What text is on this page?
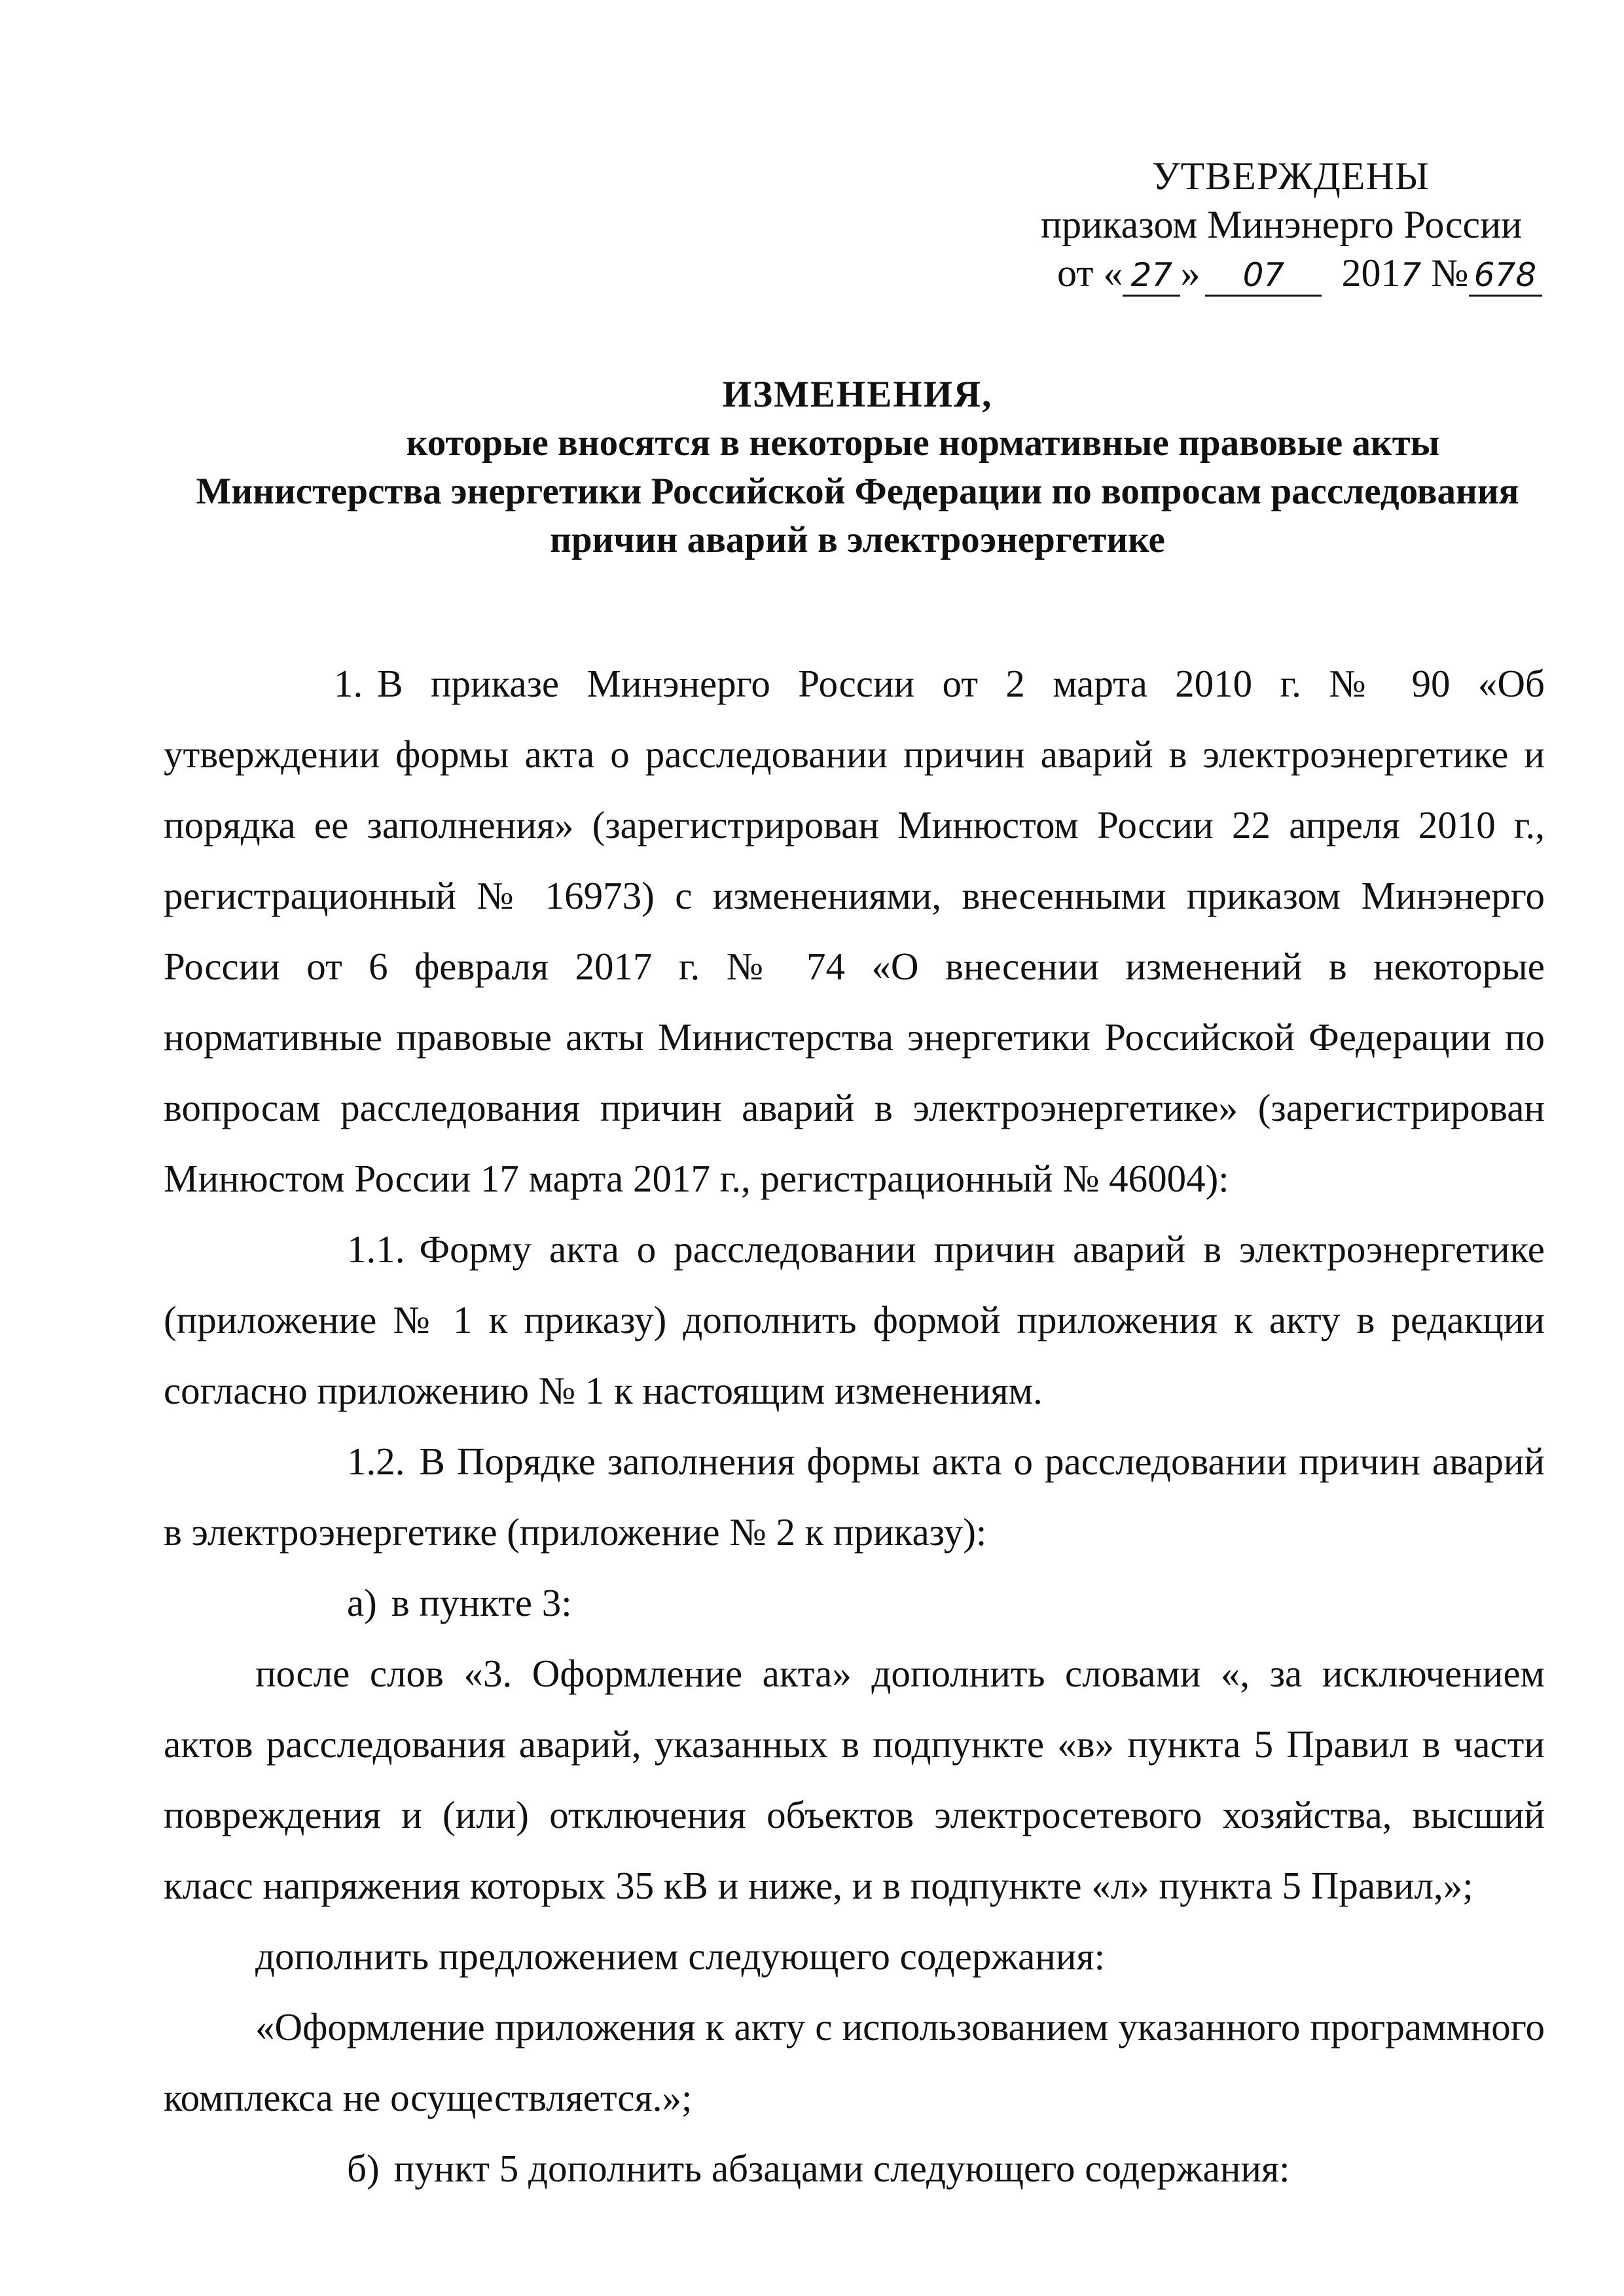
УТВЕРЖДЕНЫ
приказом Минэнерго России
от « 27 » 07 2017 № 678
ИЗМЕНЕНИЯ,
которые вносятся в некоторые нормативные правовые акты
Министерства энергетики Российской Федерации по вопросам расследования
причин аварий в электроэнергетике

1. В приказе Минэнерго России от 2 марта 2010 г. № 90 «Об утверждении формы акта о расследовании причин аварий в электроэнергетике и порядка ее заполнения» (зарегистрирован Минюстом России 22 апреля 2010 г., регистрационный № 16973) с изменениями, внесенными приказом Минэнерго России от 6 февраля 2017 г. № 74 «О внесении изменений в некоторые нормативные правовые акты Министерства энергетики Российской Федерации по вопросам расследования причин аварий в электроэнергетике» (зарегистрирован Минюстом России 17 марта 2017 г., регистрационный № 46004):

1.1. Форму акта о расследовании причин аварий в электроэнергетике (приложение № 1 к приказу) дополнить формой приложения к акту в редакции согласно приложению № 1 к настоящим изменениям.

1.2. В Порядке заполнения формы акта о расследовании причин аварий в электроэнергетике (приложение № 2 к приказу):

а) в пункте 3:

после слов «3. Оформление акта» дополнить словами «, за исключением актов расследования аварий, указанных в подпункте «в» пункта 5 Правил в части повреждения и (или) отключения объектов электросетевого хозяйства, высший класс напряжения которых 35 кВ и ниже, и в подпункте «л» пункта 5 Правил,»;

дополнить предложением следующего содержания:

«Оформление приложения к акту с использованием указанного программного комплекса не осуществляется.»;

б) пункт 5 дополнить абзацами следующего содержания:
